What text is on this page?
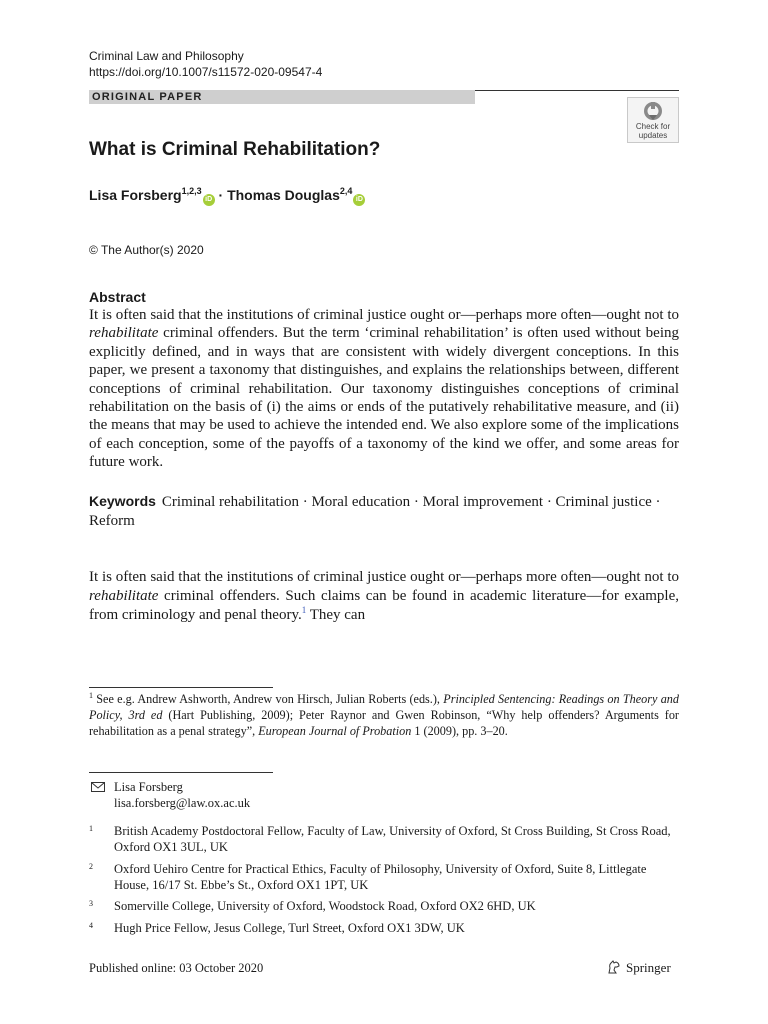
Criminal Law and Philosophy
https://doi.org/10.1007/s11572-020-09547-4
ORIGINAL PAPER
Check for
updates
What is Criminal Rehabilitation?
Lisa Forsberg$^{1,2,3}$iD · Thomas Douglas$^{2,4}$iD
© The Author(s) 2020
Abstract

It is often said that the institutions of criminal justice ought or—perhaps more often—ought not to rehabilitate criminal offenders. But the term ‘criminal rehabilitation’ is often used without being explicitly defined, and in ways that are consistent with widely divergent conceptions. In this paper, we present a taxonomy that distinguishes, and explains the relationships between, different conceptions of criminal rehabilitation. Our taxonomy distinguishes conceptions of criminal rehabilitation on the basis of (i) the aims or ends of the putatively rehabilitative measure, and (ii) the means that may be used to achieve the intended end. We also explore some of the implications of each conception, some of the payoffs of a taxonomy of the kind we offer, and some areas for future work.

Keywords Criminal rehabilitation · Moral education · Moral improvement · Criminal justice · Reform

It is often said that the institutions of criminal justice ought or—perhaps more often—ought not to rehabilitate criminal offenders. Such claims can be found in academic literature—for example, from criminology and penal theory.$^1$ They can

$^1$ See e.g. Andrew Ashworth, Andrew von Hirsch, Julian Roberts (eds.), Principled Sentencing: Readings on Theory and Policy, 3rd ed (Hart Publishing, 2009); Peter Raynor and Gwen Robinson, “Why help offenders? Arguments for rehabilitation as a penal strategy”, European Journal of Probation 1 (2009), pp. 3–20.

Lisa Forsberg
lisa.forsberg@law.ox.ac.uk
1 British Academy Postdoctoral Fellow, Faculty of Law, University of Oxford, St Cross Building, St Cross Road, Oxford OX1 3UL, UK
2 Oxford Uehiro Centre for Practical Ethics, Faculty of Philosophy, University of Oxford, Suite 8, Littlegate House, 16/17 St. Ebbe’s St., Oxford OX1 1PT, UK
3 Somerville College, University of Oxford, Woodstock Road, Oxford OX2 6HD, UK
4 Hugh Price Fellow, Jesus College, Turl Street, Oxford OX1 3DW, UK
Published online: 03 October 2020	Springer
